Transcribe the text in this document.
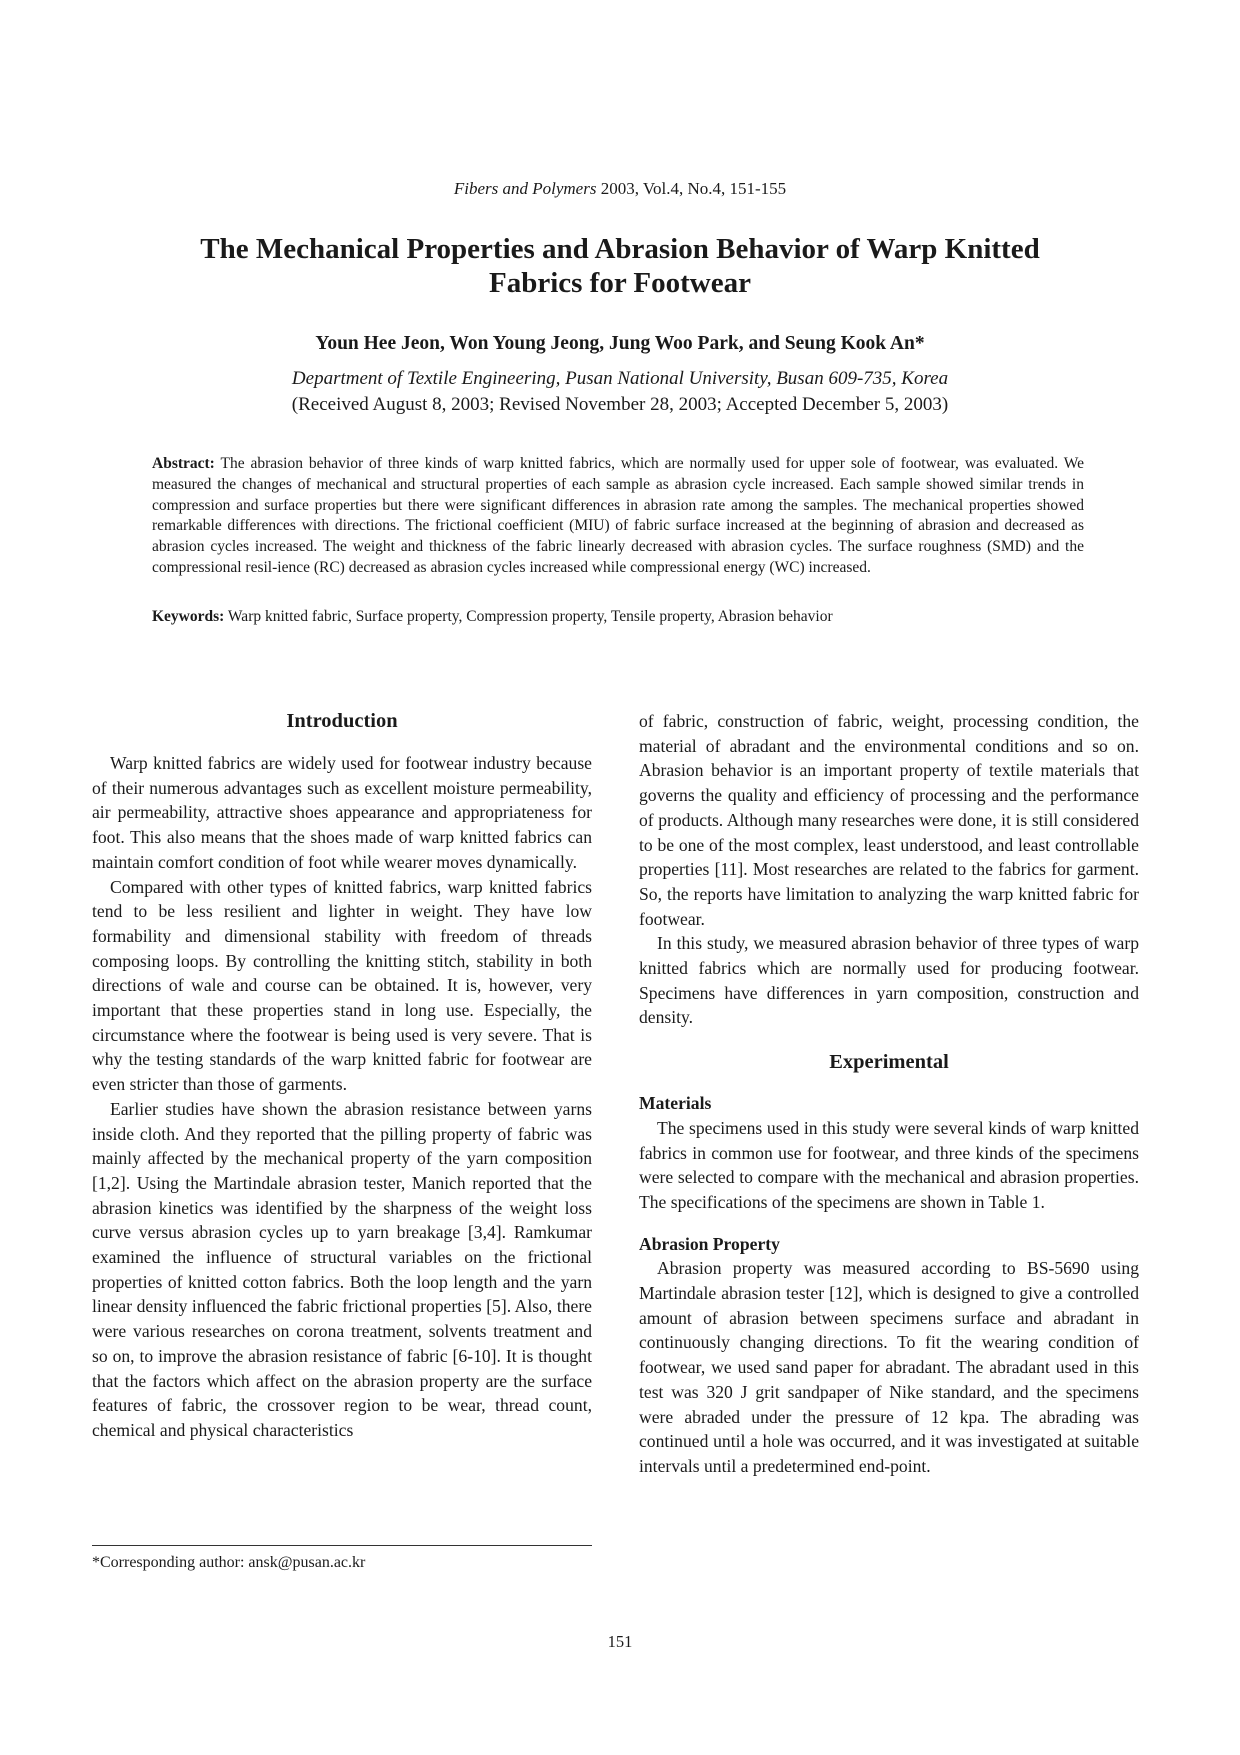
Fibers and Polymers 2003, Vol.4, No.4, 151-155
The Mechanical Properties and Abrasion Behavior of Warp Knitted Fabrics for Footwear
Youn Hee Jeon, Won Young Jeong, Jung Woo Park, and Seung Kook An*
Department of Textile Engineering, Pusan National University, Busan 609-735, Korea
(Received August 8, 2003; Revised November 28, 2003; Accepted December 5, 2003)

Abstract: The abrasion behavior of three kinds of warp knitted fabrics, which are normally used for upper sole of footwear, was evaluated. We measured the changes of mechanical and structural properties of each sample as abrasion cycle increased. Each sample showed similar trends in compression and surface properties but there were significant differences in abrasion rate among the samples. The mechanical properties showed remarkable differences with directions. The frictional coefficient (MIU) of fabric surface increased at the beginning of abrasion and decreased as abrasion cycles increased. The weight and thickness of the fabric linearly decreased with abrasion cycles. The surface roughness (SMD) and the compressional resil-ience (RC) decreased as abrasion cycles increased while compressional energy (WC) increased.

Keywords: Warp knitted fabric, Surface property, Compression property, Tensile property, Abrasion behavior

Introduction

Warp knitted fabrics are widely used for footwear industry because of their numerous advantages such as excellent moisture permeability, air permeability, attractive shoes appearance and appropriateness for foot. This also means that the shoes made of warp knitted fabrics can maintain comfort condition of foot while wearer moves dynamically.

Compared with other types of knitted fabrics, warp knitted fabrics tend to be less resilient and lighter in weight. They have low formability and dimensional stability with freedom of threads composing loops. By controlling the knitting stitch, stability in both directions of wale and course can be obtained. It is, however, very important that these properties stand in long use. Especially, the circumstance where the footwear is being used is very severe. That is why the testing standards of the warp knitted fabric for footwear are even stricter than those of garments.

Earlier studies have shown the abrasion resistance between yarns inside cloth. And they reported that the pilling property of fabric was mainly affected by the mechanical property of the yarn composition [1,2]. Using the Martindale abrasion tester, Manich reported that the abrasion kinetics was identified by the sharpness of the weight loss curve versus abrasion cycles up to yarn breakage [3,4]. Ramkumar examined the influence of structural variables on the frictional properties of knitted cotton fabrics. Both the loop length and the yarn linear density influenced the fabric frictional properties [5]. Also, there were various researches on corona treatment, solvents treatment and so on, to improve the abrasion resistance of fabric [6-10]. It is thought that the factors which affect on the abrasion property are the surface features of fabric, the crossover region to be wear, thread count, chemical and physical characteristics

of fabric, construction of fabric, weight, processing condition, the material of abradant and the environmental conditions and so on. Abrasion behavior is an important property of textile materials that governs the quality and efficiency of processing and the performance of products. Although many researches were done, it is still considered to be one of the most complex, least understood, and least controllable properties [11]. Most researches are related to the fabrics for garment. So, the reports have limitation to analyzing the warp knitted fabric for footwear.

In this study, we measured abrasion behavior of three types of warp knitted fabrics which are normally used for producing footwear. Specimens have differences in yarn composition, construction and density.

Experimental
Materials

The specimens used in this study were several kinds of warp knitted fabrics in common use for footwear, and three kinds of the specimens were selected to compare with the mechanical and abrasion properties. The specifications of the specimens are shown in Table 1.

Abrasion Property

Abrasion property was measured according to BS-5690 using Martindale abrasion tester [12], which is designed to give a controlled amount of abrasion between specimens surface and abradant in continuously changing directions. To fit the wearing condition of footwear, we used sand paper for abradant. The abradant used in this test was 320 J grit sandpaper of Nike standard, and the specimens were abraded under the pressure of 12 kpa. The abrading was continued until a hole was occurred, and it was investigated at suitable intervals until a predetermined end-point.

*Corresponding author: ansk@pusan.ac.kr
151
